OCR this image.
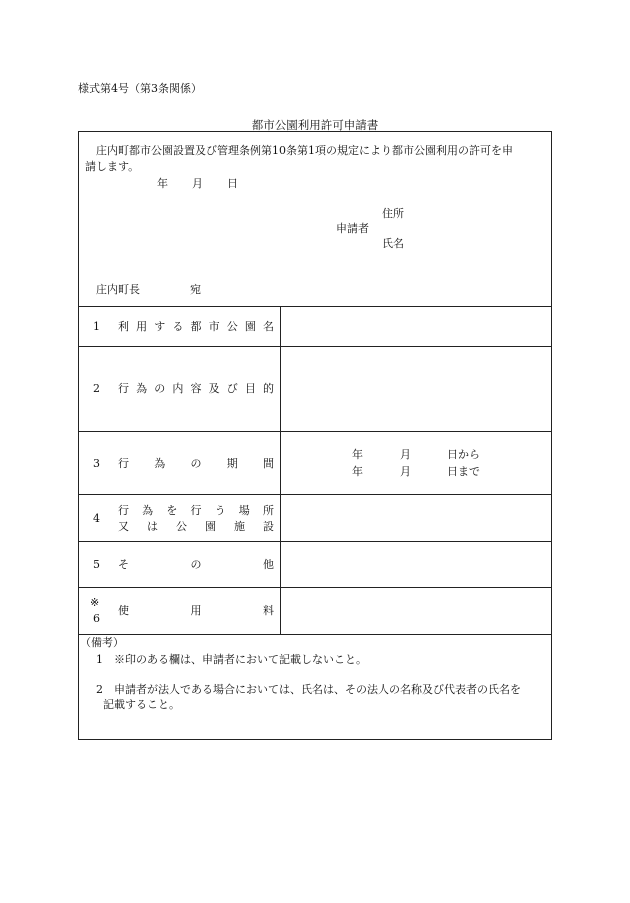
様式第4号（第3条関係）
都市公園利用許可申請書
庄内町都市公園設置及び管理条例第10条第1項の規定により都市公園利用の許可を申
請します。
年 月 日
住所
申請者
氏名
庄内町長	宛
1 利 用 す る 都 市 公 園 名
2 行 為 の 内 容 及 び 目 的
3 行 為 の 期 間
年	月	日から
年	月	日まで
4
行 為 を 行 う 場 所
又 は 公 園 施 設
5 そ	の	他
※
6
使	用	料
（備考）
1 ※印のある欄は、申請者において記載しないこと。
2 申請者が法人である場合においては、氏名は、その法人の名称及び代表者の氏名を
記載すること。
